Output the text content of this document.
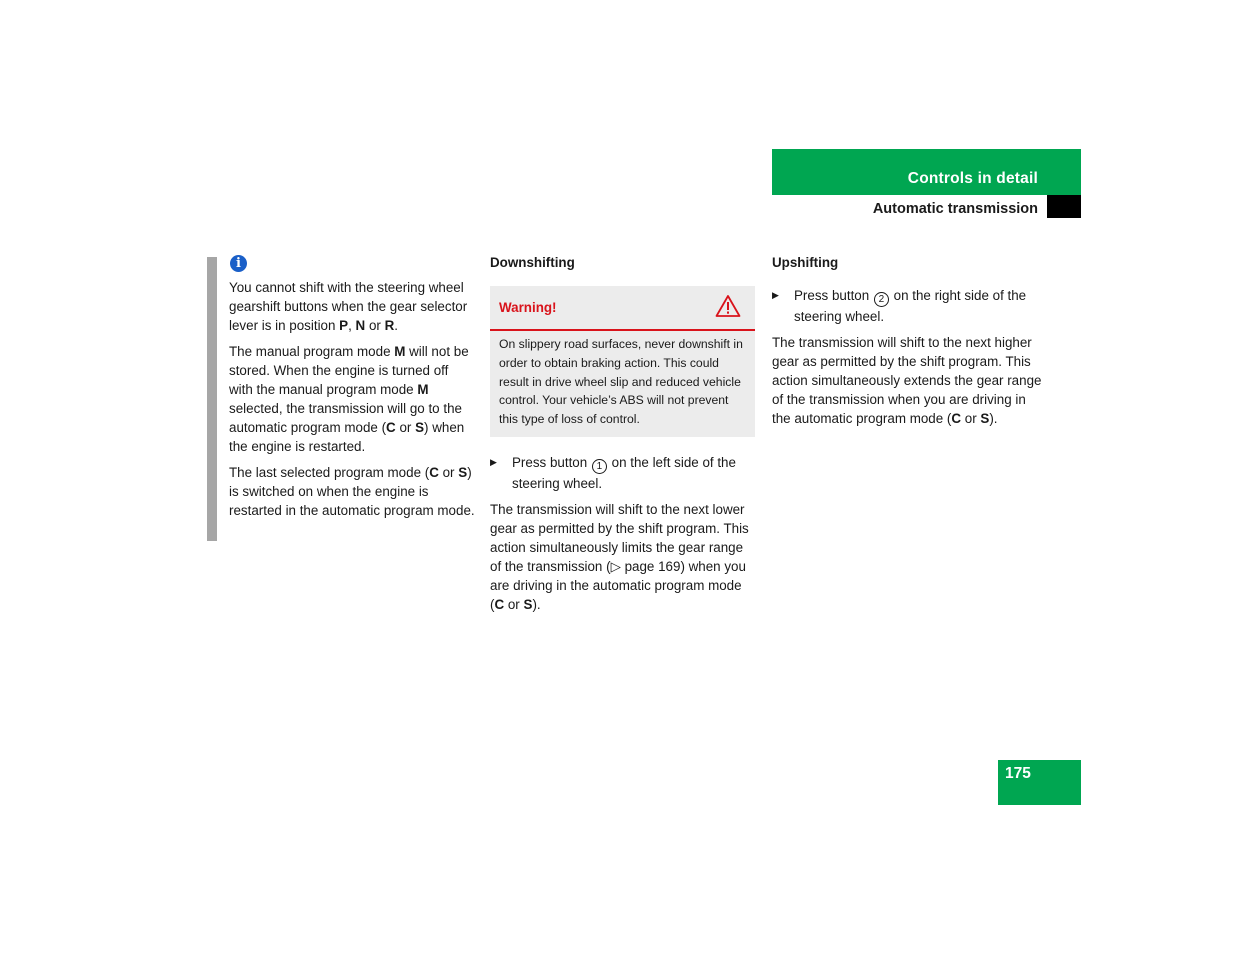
Controls in detail
Automatic transmission
i

You cannot shift with the steering wheel gearshift buttons when the gear selector lever is in position P, N or R.

The manual program mode M will not be stored. When the engine is turned off with the manual program mode M selected, the transmission will go to the automatic program mode (C or S) when the engine is restarted.

The last selected program mode (C or S) is switched on when the engine is restarted in the automatic program mode.

Downshifting
Warning!
On slippery road surfaces, never downshift in order to obtain braking action. This could result in drive wheel slip and reduced vehicle control. Your vehicle’s ABS will not prevent this type of loss of control.
▶ Press button 1 on the left side of the steering wheel.

The transmission will shift to the next lower gear as permitted by the shift program. This action simultaneously limits the gear range of the transmission (▷ page 169) when you are driving in the automatic program mode (C or S).

Upshifting
▶ Press button 2 on the right side of the steering wheel.

The transmission will shift to the next higher gear as permitted by the shift program. This action simultaneously extends the gear range of the transmission when you are driving in the automatic program mode (C or S).

175
